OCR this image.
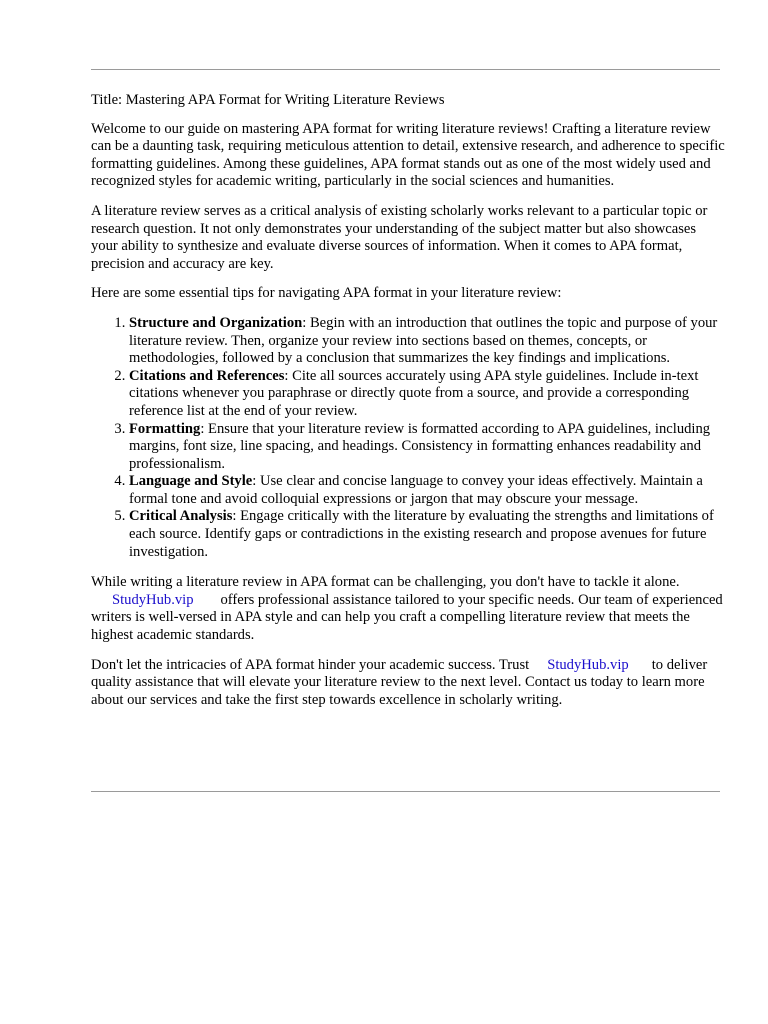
Title: Mastering APA Format for Writing Literature Reviews

Welcome to our guide on mastering APA format for writing literature reviews! Crafting a literature review can be a daunting task, requiring meticulous attention to detail, extensive research, and adherence to specific formatting guidelines. Among these guidelines, APA format stands out as one of the most widely used and recognized styles for academic writing, particularly in the social sciences and humanities.

A literature review serves as a critical analysis of existing scholarly works relevant to a particular topic or research question. It not only demonstrates your understanding of the subject matter but also showcases your ability to synthesize and evaluate diverse sources of information. When it comes to APA format, precision and accuracy are key.

Here are some essential tips for navigating APA format in your literature review:

1. Structure and Organization: Begin with an introduction that outlines the topic and purpose of your literature review. Then, organize your review into sections based on themes, concepts, or methodologies, followed by a conclusion that summarizes the key findings and implications.
2. Citations and References: Cite all sources accurately using APA style guidelines. Include in-text citations whenever you paraphrase or directly quote from a source, and provide a corresponding reference list at the end of your review.
3. Formatting: Ensure that your literature review is formatted according to APA guidelines, including margins, font size, line spacing, and headings. Consistency in formatting enhances readability and professionalism.
4. Language and Style: Use clear and concise language to convey your ideas effectively. Maintain a formal tone and avoid colloquial expressions or jargon that may obscure your message.
5. Critical Analysis: Engage critically with the literature by evaluating the strengths and limitations of each source. Identify gaps or contradictions in the existing research and propose avenues for future investigation.

While writing a literature review in APA format can be challenging, you don't have to tackle it alone.
StudyHub.vip offers professional assistance tailored to your specific needs. Our team of experienced writers is well-versed in APA style and can help you craft a compelling literature review that meets the highest academic standards.

Don't let the intricacies of APA format hinder your academic success. Trust StudyHub.vip to deliver quality assistance that will elevate your literature review to the next level. Contact us today to learn more about our services and take the first step towards excellence in scholarly writing.
